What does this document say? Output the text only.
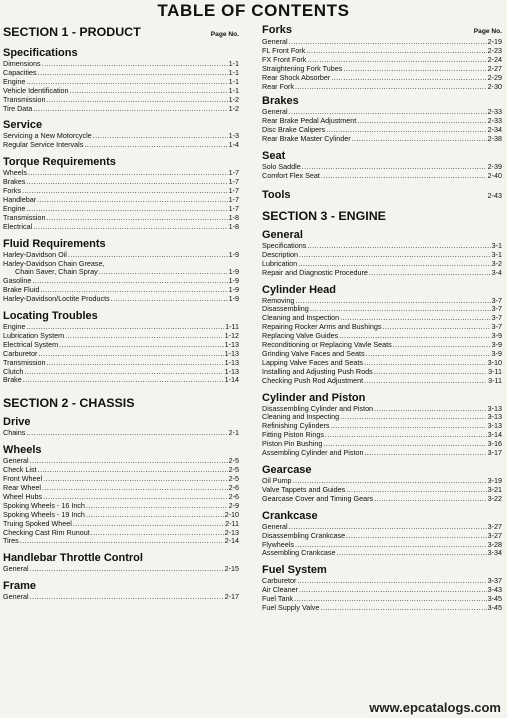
TABLE OF CONTENTS
SECTION 1 - PRODUCT	Page No.
Specifications
Dimensions .....	1-1
Capacities .....	1-1
Engine .....	1-1
Vehicle Identification .....	1-1
Transmission .....	1-2
Tire Data .....	1-2
Service
Servicing a New Motorcycle .....	1-3
Regular Service Intervals .....	1-4
Torque Requirements
Wheels .....	1-7
Brakes .....	1-7
Forks .....	1-7
Handlebar .....	1-7
Engine .....	1-7
Transmission .....	1-8
Electrical .....	1-8
Fluid Requirements
Harley-Davidson Oil .....	1-9
Harley-Davidson Chain Grease,
Chain Saver, Chain Spray .....	1-9
Gasoline .....	1-9
Brake Fluid .....	1-9
Harley-Davidson/Loctite Products .....	1-9
Locating Troubles
Engine .....	1-11
Lubrication System .....	1-12
Electrical System .....	1-13
Carburetor .....	1-13
Transmission .....	1-13
Clutch .....	1-13
Brake .....	1-14
SECTION 2 - CHASSIS
Drive
Chains .....	2-1
Wheels
General .....	2-5
Check List .....	2-5
Front Wheel .....	2-5
Rear Wheel .....	2-6
Wheel Hubs .....	2-6
Spoking Wheels - 16 Inch .....	2-9
Spoking Wheels - 19 Inch .....	2-10
Truing Spoked Wheel .....	2-11
Checking Cast Rim Runout .....	2-13
Tires .....	2-14
Handlebar Throttle Control
General .....	2-15
Frame
General .....	2-17
Forks	Page No.
General .....	2-19
FL Front Fork .....	2-23
FX Front Fork .....	2-24
Straightening Fork Tubes .....	2-27
Rear Shock Absorber .....	2-29
Rear Fork .....	2-30
Brakes
General .....	2-33
Rear Brake Pedal Adjustment .....	2-33
Disc Brake Calipers .....	2-34
Rear Brake Master Cylinder .....	2-38
Seat
Solo Saddle .....	2-39
Comfort Flex Seat .....	2-40
Tools	2-43
SECTION 3 - ENGINE
General
Specifications .....	3-1
Description .....	3-1
Lubrication .....	3-2
Repair and Diagnostic Procedure .....	3-4
Cylinder Head
Removing .....	3-7
Disassembling .....	3-7
Cleaning and Inspection .....	3-7
Repairing Rocker Arms and Bushings .....	3-7
Replacing Valve Guides .....	3-9
Reconditioning or Replacing Vavle Seats .....	3-9
Grinding Valve Faces and Seats .....	3-9
Lapping Valve Faces and Seats .....	3-10
Installing and Adjusting Push Rods .....	3-11
Checking Push Rod Adjustment .....	3-11
Cylinder and Piston
Disassembling Cylinder and Piston .....	3-13
Cleaning and Inspecting .....	3-13
Refinishing Cylinders .....	3-13
Fitting Piston Rings .....	3-14
Piston Pin Bushing .....	3-16
Assembling Cylinder and Piston .....	3-17
Gearcase
Oil Pump .....	3-19
Valve Tappets and Guides .....	3-21
Gearcase Cover and Timing Gears .....	3-22
Crankcase
General .....	3-27
Disassembling Crankcase .....	3-27
Flywheels .....	3-28
Assembling Crankcase .....	3-34
Fuel System
Carburetor .....	3-37
Air Cleaner .....	3-43
Fuel Tank .....	3-45
Fuel Supply Valve .....	3-45
www.epcatalogs.com
